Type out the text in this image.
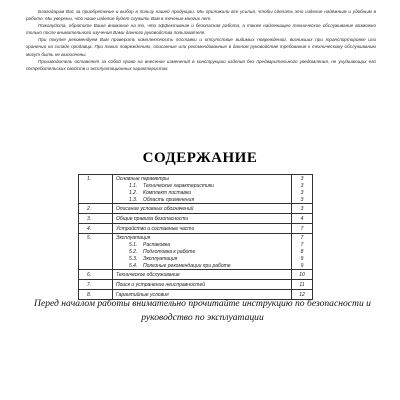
Благодарим Вас за приобретение и выбор в пользу нашей продукции. Мы приложили все усилия, чтобы сделать это изделие надёжным и удобным в работе. Мы уверены, что наше изделие будет служить Вам в течение многих лет.

Пожалуйста, обратите Ваше внимание на то, что эффективная и безопасная работа, а также надлежащее техническое обслуживание возможно только после внимательного изучения Вами данного руководства пользователя.

При покупке рекомендуем Вам проверить комплектность поставки и отсутствие видимых повреждений, возникших при транспортировке или хранении на складе продавца. При таких повреждениях, описанные или рекомендованные в данном руководстве требования к техническому обслуживанию могут быть не выполнены.

Производитель оставляет за собой право на внесение изменений в конструкцию изделия без предварительного уведомления, не ухудшающих его потребительских свойств и эксплуатационных характеристик.

СОДЕРЖАНИЕ
1.	Основные параметры	3
	1.1. Технические характеристики	3
	1.2. Комплект поставки	3
	1.3. Область применения	3
2.	Описание условных обозначений	3
3.	Общие правила безопасности	4
4.	Устройство и составные части	7
5.	Эксплуатация	7
	5.1. Распаковка	7
	5.2. Подготовка к работе	8
	5.3. Эксплуатация	9
	5.4. Полезные рекомендации при работе	9
6.	Техническое обслуживание	10
7.	Поиск и устранение неисправностей	11
8.	Гарантийные условия	12
Перед началом работы внимательно прочитайте инструкцию по безопасности и руководство по эксплуатации
